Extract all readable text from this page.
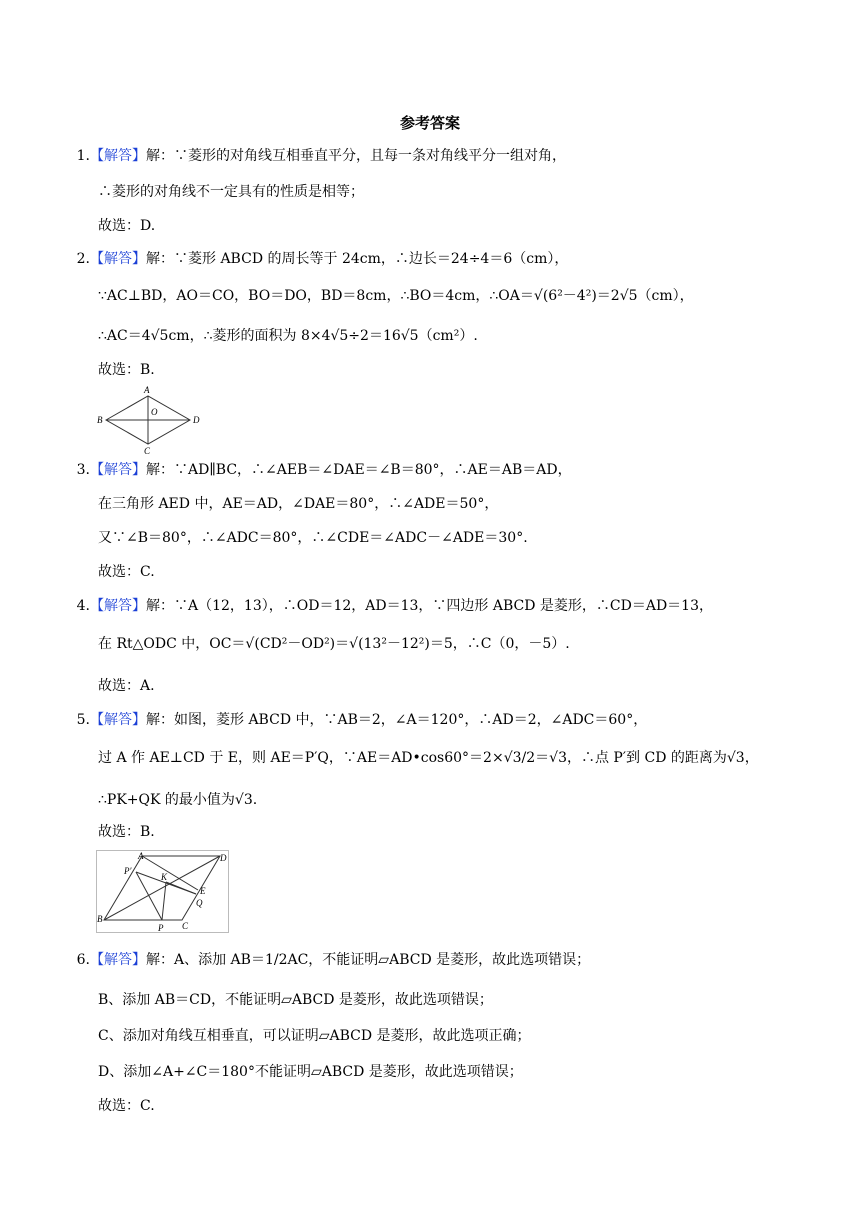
参考答案
1.【解答】解：∵菱形的对角线互相垂直平分，且每一条对角线平分一组对角，
∴菱形的对角线不一定具有的性质是相等；
故选：D.
2.【解答】解：∵菱形 ABCD 的周长等于 24cm，∴边长＝24÷4＝6（cm），
∵AC⊥BD，AO＝CO，BO＝DO，BD＝8cm，∴BO＝4cm，∴OA＝√(6²－4²)＝2√5（cm），
∴AC＝4√5cm，∴菱形的面积为 8×4√5÷2＝16√5（cm²）.
故选：B.
A
B
O
D
C
3.【解答】解：∵AD∥BC，∴∠AEB＝∠DAE＝∠B＝80°，∴AE＝AB＝AD，
在三角形 AED 中，AE＝AD，∠DAE＝80°，∴∠ADE＝50°，
又∵∠B＝80°，∴∠ADC＝80°，∴∠CDE＝∠ADC－∠ADE＝30°.
故选：C.
4.【解答】解：∵A（12，13），∴OD＝12，AD＝13，∵四边形 ABCD 是菱形，∴CD＝AD＝13，
在 Rt△ODC 中，OC＝√(CD²－OD²)＝√(13²－12²)＝5，∴C（0，－5）.
故选：A.
5.【解答】解：如图，菱形 ABCD 中，∵AB＝2，∠A＝120°，∴AD＝2，∠ADC＝60°，
过 A 作 AE⊥CD 于 E，则 AE＝P′Q，∵AE＝AD•cos60°＝2×√3/2＝√3，∴点 P′到 CD 的距离为√3，
∴PK+QK 的最小值为√3.
故选：B.
A	D
P′
K
E
Q
B
P C
6.【解答】解：A、添加 AB＝1/2AC，不能证明▱ABCD 是菱形，故此选项错误；
B、添加 AB＝CD，不能证明▱ABCD 是菱形，故此选项错误；
C、添加对角线互相垂直，可以证明▱ABCD 是菱形，故此选项正确；
D、添加∠A+∠C＝180°不能证明▱ABCD 是菱形，故此选项错误；
故选：C.
